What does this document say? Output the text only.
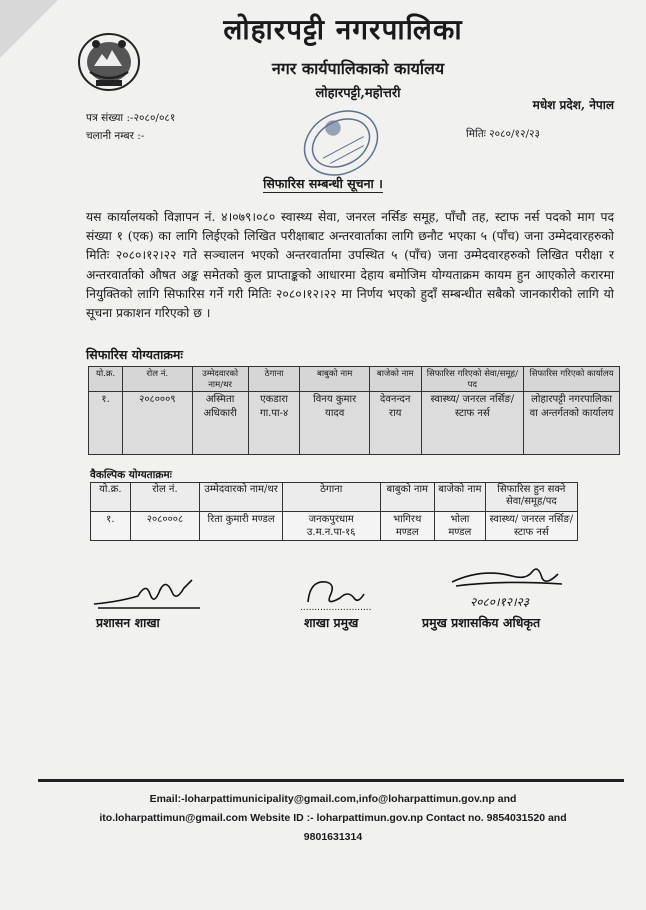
लोहारपट्टी नगरपालिका
नगर कार्यपालिकाको कार्यालय
लोहारपट्टी,महोत्तरी
मधेश प्रदेश, नेपाल
पत्र संख्या :-२०८०/०८१
चलानी नम्बर :-	मितिः २०८०/१२/२३
सिफारिस सम्बन्धी सूचना ।
यस कार्यालयको विज्ञापन नं. ४।०७९।०८० स्वास्थ्य सेवा, जनरल नर्सिङ समूह, पाँचौ तह, स्टाफ नर्स पदको माग पद संख्या १ (एक) का लागि लिईएको लिखित परीक्षाबाट अन्तरवार्ताका लागि छनौट भएका ५ (पाँच) जना उम्मेदवारहरुको मितिः २०८०।१२।२२ गते सञ्चालन भएको अन्तरवार्तामा उपस्थित ५ (पाँच) जना उम्मेदवारहरुको लिखित परीक्षा र अन्तरवार्ताको औषत अङ्क समेतको कुल प्राप्ताङ्कको आधारमा देहाय बमोजिम योग्यताक्रम कायम हुन आएकोले करारमा नियुक्तिको लागि सिफारिस गर्ने गरी मितिः २०८०।१२।२२ मा निर्णय भएको हुदाँ सम्बन्धीत सबैको जानकारीको लागि यो सूचना प्रकाशन गरिएको छ ।
सिफारिस योग्यताक्रमः
यो.क्र.	रोल नं.	उम्मेदवारको नाम/थर	ठेगाना	बाबुको नाम	बाजेको नाम	सिफारिस गरिएको सेवा/समूह/पद	सिफारिस गरिएको कार्यालय
१.	२०८०००९	अस्मिता अधिकारी	एकडारा गा.पा-४	विनय कुमार यादव	देवनन्दन राय	स्वास्थ्य/ जनरल नर्सिङ/स्टाफ नर्स	लोहारपट्टी नगरपालिका वा अन्तर्गतको कार्यालय
वैकल्पिक योग्यताक्रमः
यो.क्र.	रोल नं.	उम्मेदवारको नाम/थर	ठेगाना	बाबुको नाम	बाजेको नाम	सिफारिस हुन सक्ने सेवा/समूह/पद
१.	२०८०००८	रिता कुमारी मण्डल	जनकपुरधाम उ.म.न.पा-१६	भागिरथ मण्डल	भोला मण्डल	स्वास्थ्य/ जनरल नर्सिङ/स्टाफ नर्स
.........................	२०८०।१२।२३
प्रशासन शाखा	शाखा प्रमुख	प्रमुख प्रशासकिय अधिकृत
Email:-loharpattimunicipality@gmail.com,info@loharpattimun.gov.np and
ito.loharpattimun@gmail.com Website ID :- loharpattimun.gov.np Contact no. 9854031520 and
9801631314
